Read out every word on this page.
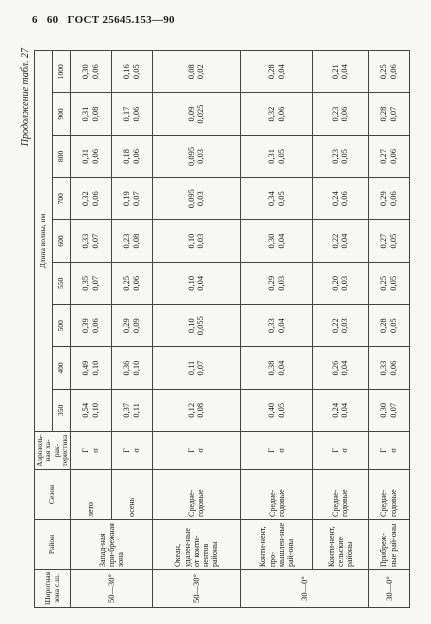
6 60 ГОСТ 25645.153—90
Продолжение табл. 27
Широтная зона с.ш.	Район	Сезон	Аэрозоль-ная ха-рак-теристика	Длина волны, нм								
				350	400	500	550	600	700	800	900	1000
50—30°	Запад-ная при-брежная зона	лето	Г σ	0,54 0,10	0,49 0,10	0,39 0,06	0,35 0,07	0,33 0,07	0,32 0,06	0,31 0,06	0,31 0,08	0,30 0,06

		осень	Г σ	0,37 0,11	0,36 0,10	0,29 0,09	0,25 0,06	0,23 0,08	0,19 0,07	0,18 0,06	0,17 0,06	0,16 0,05

50—30°	Океан, удален-ные от конти-нентов районы	Средне-годовые	Г σ	0,12 0,08	0,11 0,07	0,10 0,055	0,10 0,04	0,10 0,03	0,095 0,03	0,095 0,03	0,09 0,025	0,08 0,02

30—0°	Конти-нент, про-мышлен-ные рай-оны	Средне-годовые	Г σ	0,40 0,05	0,38 0,04	0,33 0,04	0,29 0,03	0,30 0,04	0,34 0,05	0,31 0,05	0,32 0,06	0,28 0,04

	Конти-нент, сельские районы	Средне-годовые	Г σ	0,24 0,04	0,26 0,04	0,22 0,03	0,20 0,03	0,22 0,04	0,24 0,06	0,23 0,05	0,23 0,06	0,21 0,04

30—0°	Прибреж-ные рай-оны	Средне-годовые	Г σ	0,30 0,07	0,33 0,06	0,28 0,05	0,25 0,05	0,27 0,05	0,29 0,06	0,27 0,06	0,28 0,07	0,25 0,06
